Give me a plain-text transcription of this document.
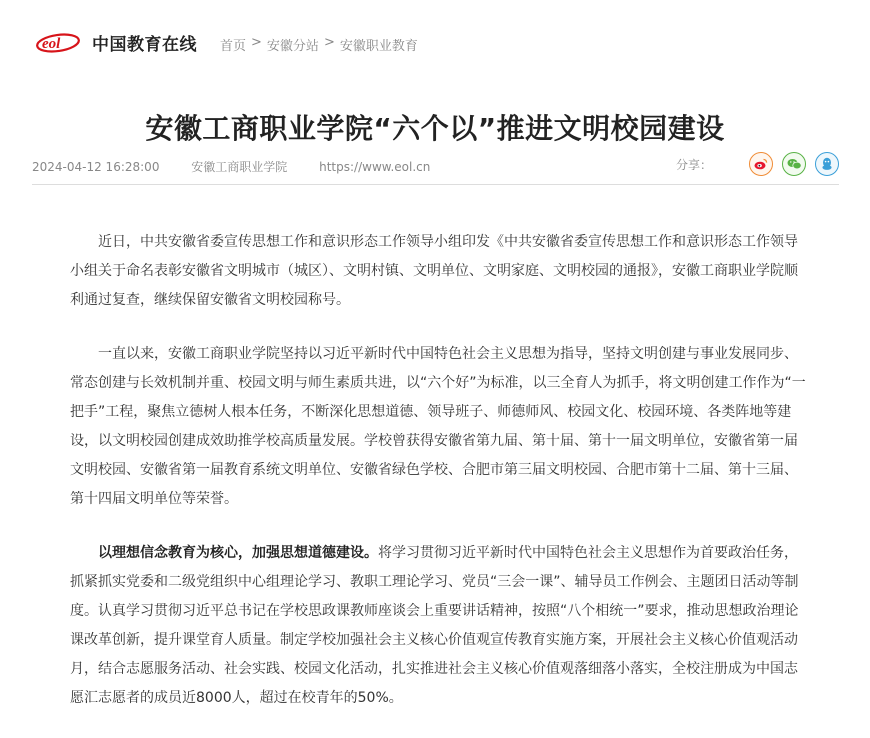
eol 中国教育在线 首页 > 安徽分站 > 安徽职业教育
安徽工商职业学院“六个以”推进文明校园建设
2024-04-12 16:28:00	安徽工商职业学院	https://www.eol.cn	分享：

近日，中共安徽省委宣传思想工作和意识形态工作领导小组印发《中共安徽省委宣传思想工作和意识形态工作领导小组关于命名表彰安徽省文明城市（城区）、文明村镇、文明单位、文明家庭、文明校园的通报》，安徽工商职业学院顺利通过复查，继续保留安徽省文明校园称号。

一直以来，安徽工商职业学院坚持以习近平新时代中国特色社会主义思想为指导，坚持文明创建与事业发展同步、常态创建与长效机制并重、校园文明与师生素质共进，以“六个好”为标准，以三全育人为抓手，将文明创建工作作为“一把手”工程，聚焦立德树人根本任务，不断深化思想道德、领导班子、师德师风、校园文化、校园环境、各类阵地等建设，以文明校园创建成效助推学校高质量发展。学校曾获得安徽省第九届、第十届、第十一届文明单位，安徽省第一届文明校园、安徽省第一届教育系统文明单位、安徽省绿色学校、合肥市第三届文明校园、合肥市第十二届、第十三届、第十四届文明单位等荣誉。

以理想信念教育为核心，加强思想道德建设。将学习贯彻习近平新时代中国特色社会主义思想作为首要政治任务，抓紧抓实党委和二级党组织中心组理论学习、教职工理论学习、党员“三会一课”、辅导员工作例会、主题团日活动等制度。认真学习贯彻习近平总书记在学校思政课教师座谈会上重要讲话精神，按照“八个相统一”要求，推动思想政治理论课改革创新，提升课堂育人质量。制定学校加强社会主义核心价值观宣传教育实施方案，开展社会主义核心价值观活动月，结合志愿服务活动、社会实践、校园文化活动，扎实推进社会主义核心价值观落细落小落实，全校注册成为中国志愿汇志愿者的成员近8000人，超过在校青年的50%。
